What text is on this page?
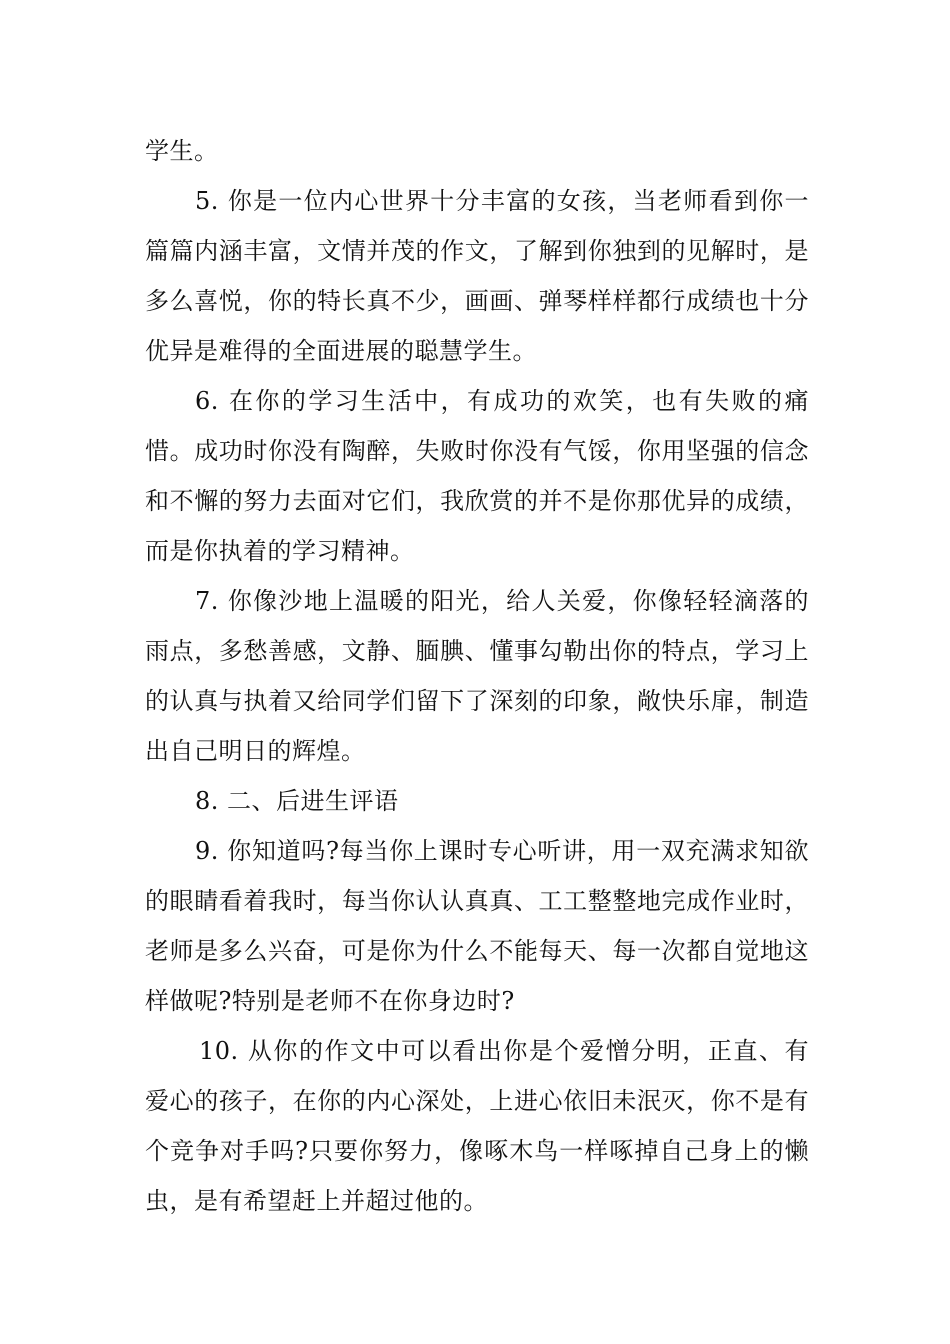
学生。

5. 你是一位内心世界十分丰富的女孩，当老师看到你一篇篇内涵丰富，文情并茂的作文，了解到你独到的见解时，是多么喜悦，你的特长真不少，画画、弹琴样样都行成绩也十分优异是难得的全面进展的聪慧学生。

6. 在你的学习生活中，有成功的欢笑，也有失败的痛惜。成功时你没有陶醉，失败时你没有气馁，你用坚强的信念和不懈的努力去面对它们，我欣赏的并不是你那优异的成绩，而是你执着的学习精神。

7. 你像沙地上温暖的阳光，给人关爱，你像轻轻滴落的雨点，多愁善感，文静、腼腆、懂事勾勒出你的特点，学习上的认真与执着又给同学们留下了深刻的印象，敞快乐扉，制造出自己明日的辉煌。

8. 二、后进生评语

9. 你知道吗?每当你上课时专心听讲，用一双充满求知欲的眼睛看着我时，每当你认认真真、工工整整地完成作业时，老师是多么兴奋，可是你为什么不能每天、每一次都自觉地这样做呢?特别是老师不在你身边时?

10. 从你的作文中可以看出你是个爱憎分明，正直、有爱心的孩子，在你的内心深处，上进心依旧未泯灭，你不是有个竞争对手吗?只要你努力，像啄木鸟一样啄掉自己身上的懒虫，是有希望赶上并超过他的。
